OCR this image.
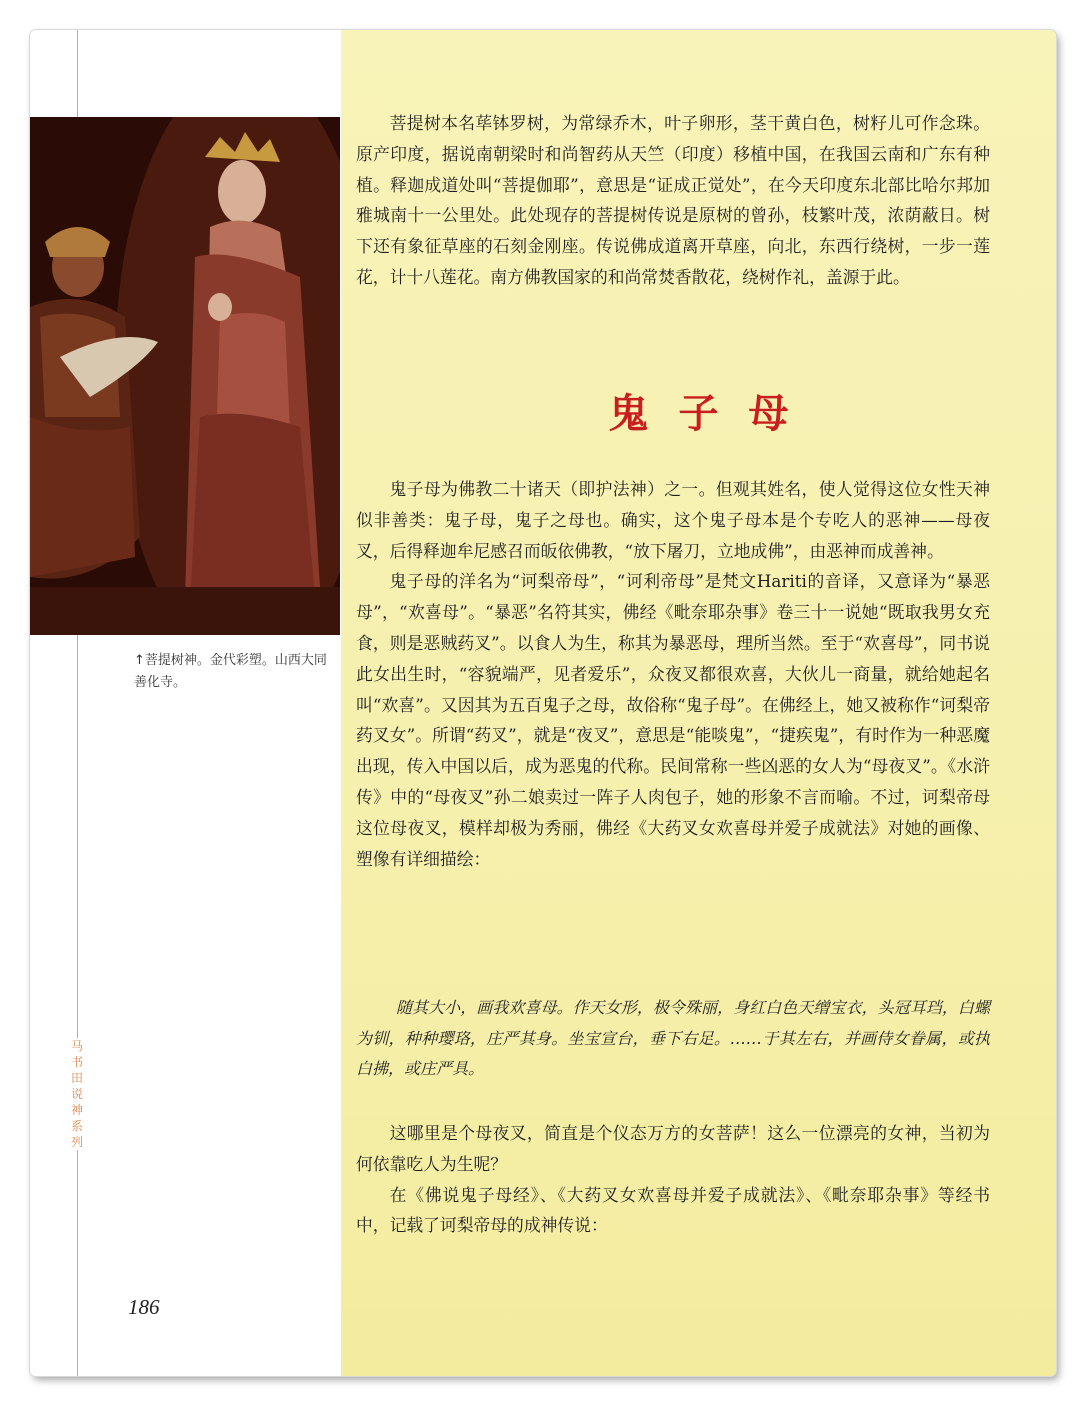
↑菩提树神。金代彩塑。山西大同善化寺。
马书田说神系列
186

菩提树本名荜钵罗树，为常绿乔木，叶子卵形，茎干黄白色，树籽儿可作念珠。原产印度，据说南朝梁时和尚智药从天竺（印度）移植中国，在我国云南和广东有种植。释迦成道处叫“菩提伽耶”，意思是“证成正觉处”，在今天印度东北部比哈尔邦加雅城南十一公里处。此处现存的菩提树传说是原树的曾孙，枝繁叶茂，浓荫蔽日。树下还有象征草座的石刻金刚座。传说佛成道离开草座，向北，东西行绕树，一步一莲花，计十八莲花。南方佛教国家的和尚常焚香散花，绕树作礼，盖源于此。

鬼子母

鬼子母为佛教二十诸天（即护法神）之一。但观其姓名，使人觉得这位女性天神似非善类：鬼子母，鬼子之母也。确实，这个鬼子母本是个专吃人的恶神——母夜叉，后得释迦牟尼感召而皈依佛教，“放下屠刀，立地成佛”，由恶神而成善神。

鬼子母的洋名为“诃梨帝母”，“诃利帝母”是梵文Hariti的音译，又意译为“暴恶母”，“欢喜母”。“暴恶”名符其实，佛经《毗奈耶杂事》卷三十一说她“既取我男女充食，则是恶贼药叉”。以食人为生，称其为暴恶母，理所当然。至于“欢喜母”，同书说此女出生时，“容貌端严，见者爱乐”，众夜叉都很欢喜，大伙儿一商量，就给她起名叫“欢喜”。又因其为五百鬼子之母，故俗称“鬼子母”。在佛经上，她又被称作“诃梨帝药叉女”。所谓“药叉”，就是“夜叉”，意思是“能啖鬼”，“捷疾鬼”，有时作为一种恶魔出现，传入中国以后，成为恶鬼的代称。民间常称一些凶恶的女人为“母夜叉”。《水浒传》中的“母夜叉”孙二娘卖过一阵子人肉包子，她的形象不言而喻。不过，诃梨帝母这位母夜叉，模样却极为秀丽，佛经《大药叉女欢喜母并爱子成就法》对她的画像、塑像有详细描绘：

随其大小，画我欢喜母。作天女形，极令殊丽，身红白色天缯宝衣，头冠耳珰，白螺为钏，种种璎珞，庄严其身。坐宝宣台，垂下右足。……于其左右，并画侍女眷属，或执白拂，或庄严具。

这哪里是个母夜叉，简直是个仪态万方的女菩萨！这么一位漂亮的女神，当初为何依靠吃人为生呢？

在《佛说鬼子母经》、《大药叉女欢喜母并爱子成就法》、《毗奈耶杂事》等经书中，记载了诃梨帝母的成神传说：
